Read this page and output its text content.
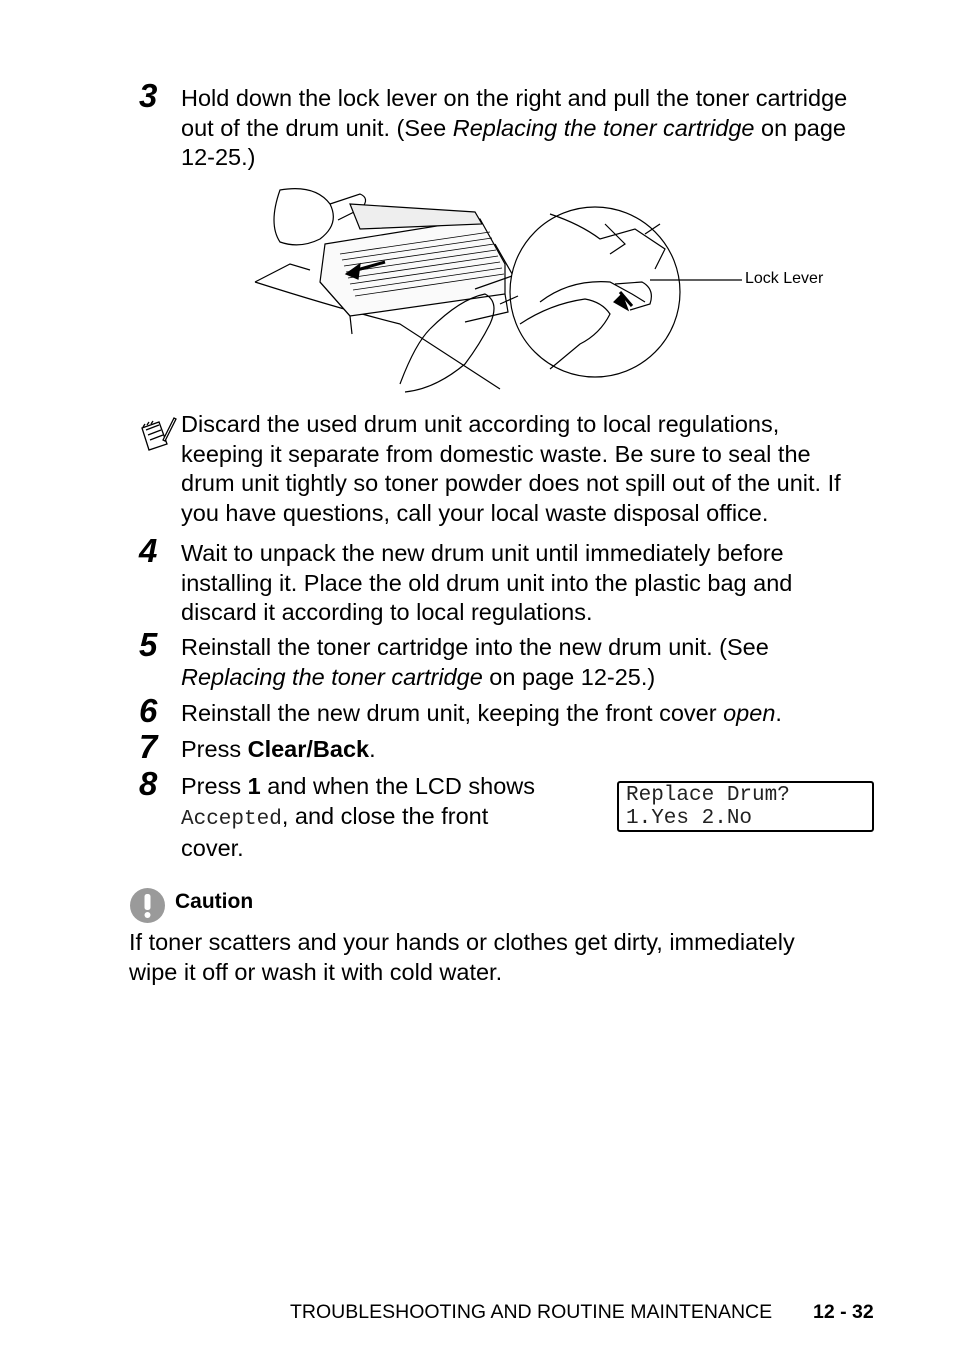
3 Hold down the lock lever on the right and pull the toner cartridge
out of the drum unit. (See Replacing the toner cartridge on page
12-25.)
Lock Lever
Discard the used drum unit according to local regulations,
keeping it separate from domestic waste. Be sure to seal the
drum unit tightly so toner powder does not spill out of the unit. If
you have questions, call your local waste disposal office.
4 Wait to unpack the new drum unit until immediately before
installing it. Place the old drum unit into the plastic bag and
discard it according to local regulations.
5 Reinstall the toner cartridge into the new drum unit. (See
Replacing the toner cartridge on page 12-25.)
6 Reinstall the new drum unit, keeping the front cover open.
7 Press Clear/Back.
8 Press 1 and when the LCD shows
Accepted, and close the front
cover.
Replace Drum?
1.Yes 2.No
Caution
If toner scatters and your hands or clothes get dirty, immediately
wipe it off or wash it with cold water.
TROUBLESHOOTING AND ROUTINE MAINTENANCE 12 - 32
